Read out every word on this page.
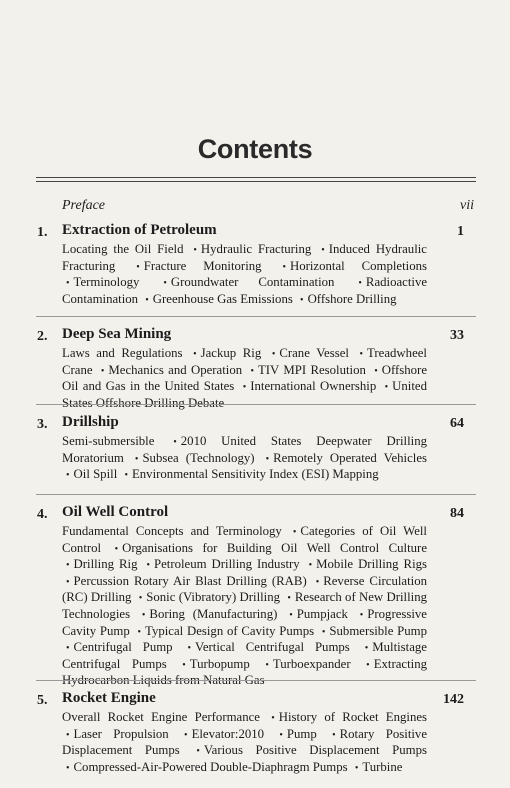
Contents
Preface	vii
1. Extraction of Petroleum	1
Locating the Oil Field • Hydraulic Fracturing • Induced Hydraulic Fracturing • Fracture Monitoring • Horizontal Completions • Terminology • Groundwater Contamination • Radioactive Contamination • Greenhouse Gas Emissions • Offshore Drilling
2. Deep Sea Mining	33
Laws and Regulations • Jackup Rig • Crane Vessel • Treadwheel Crane • Mechanics and Operation • TIV MPI Resolution • Offshore Oil and Gas in the United States • International Ownership • United States Offshore Drilling Debate
3. Drillship	64
Semi-submersible • 2010 United States Deepwater Drilling Moratorium • Subsea (Technology) • Remotely Operated Vehicles • Oil Spill • Environmental Sensitivity Index (ESI) Mapping
4. Oil Well Control	84
Fundamental Concepts and Terminology • Categories of Oil Well Control • Organisations for Building Oil Well Control Culture • Drilling Rig • Petroleum Drilling Industry • Mobile Drilling Rigs • Percussion Rotary Air Blast Drilling (RAB) • Reverse Circulation (RC) Drilling • Sonic (Vibratory) Drilling • Research of New Drilling Technologies • Boring (Manufacturing) • Pumpjack • Progressive Cavity Pump • Typical Design of Cavity Pumps • Submersible Pump • Centrifugal Pump • Vertical Centrifugal Pumps • Multistage Centrifugal Pumps • Turbopump • Turboexpander • Extracting Hydrocarbon Liquids from Natural Gas
5. Rocket Engine	142
Overall Rocket Engine Performance • History of Rocket Engines • Laser Propulsion • Elevator:2010 • Pump • Rotary Positive Displacement Pumps • Various Positive Displacement Pumps • Compressed-Air-Powered Double-Diaphragm Pumps • Turbine
